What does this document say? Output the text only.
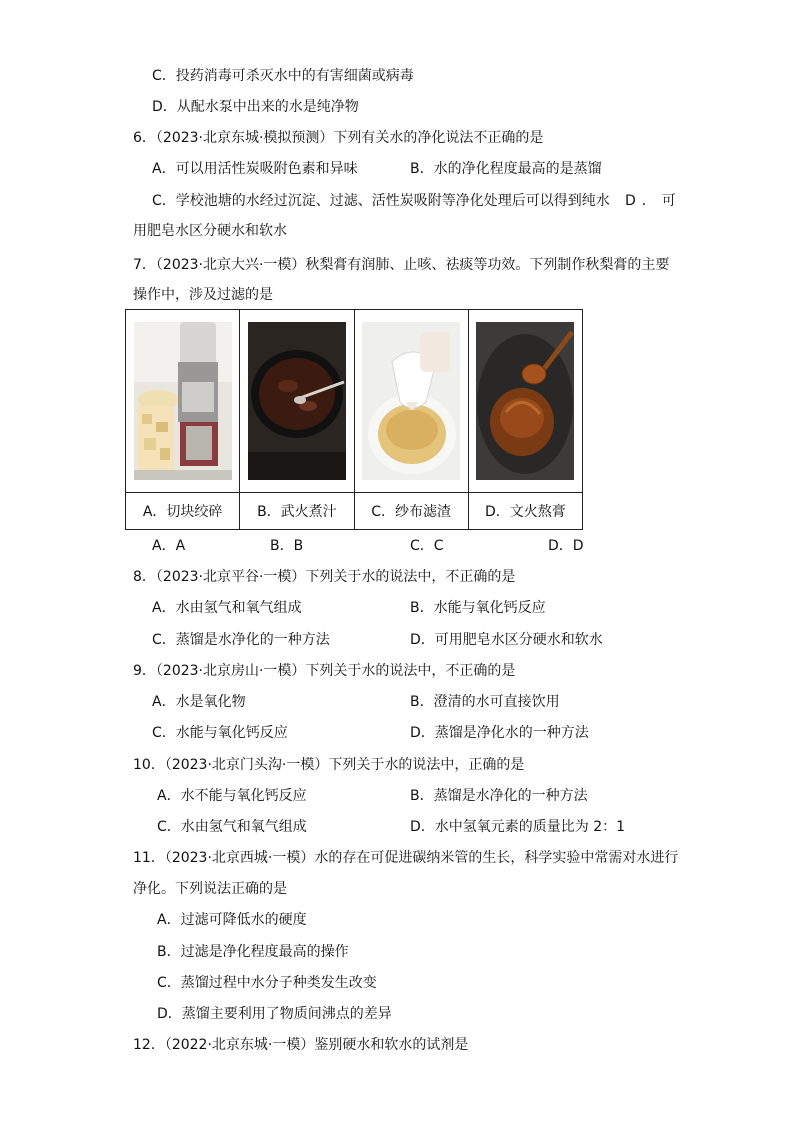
C．投药消毒可杀灭水中的有害细菌或病毒
D．从配水泵中出来的水是纯净物
6．（2023·北京东城·模拟预测）下列有关水的净化说法不正确的是
A．可以用活性炭吸附色素和异味	B．水的净化程度最高的是蒸馏
C．学校池塘的水经过沉淀、过滤、活性炭吸附等净化处理后可以得到纯水 D．可
用肥皂水区分硬水和软水
7．（2023·北京大兴·一模）秋梨膏有润肺、止咳、祛痰等功效。下列制作秋梨膏的主要
操作中，涉及过滤的是

A．切块绞碎	B．武火煮汁	C．纱布滤渣	D．文火熬膏
A．A	B．B	C．C	D．D
8．（2023·北京平谷·一模）下列关于水的说法中，不正确的是
A．水由氢气和氧气组成	B．水能与氧化钙反应
C．蒸馏是水净化的一种方法	D．可用肥皂水区分硬水和软水
9．（2023·北京房山·一模）下列关于水的说法中，不正确的是
A．水是氧化物	B．澄清的水可直接饮用
C．水能与氧化钙反应	D．蒸馏是净化水的一种方法
10．（2023·北京门头沟·一模）下列关于水的说法中，正确的是
A．水不能与氧化钙反应	B．蒸馏是水净化的一种方法
C．水由氢气和氧气组成	D．水中氢氧元素的质量比为 2：1
11．（2023·北京西城·一模）水的存在可促进碳纳米管的生长，科学实验中常需对水进行
净化。下列说法正确的是
A．过滤可降低水的硬度
B．过滤是净化程度最高的操作
C．蒸馏过程中水分子种类发生改变
D．蒸馏主要利用了物质间沸点的差异
12．（2022·北京东城·一模）鉴别硬水和软水的试剂是
